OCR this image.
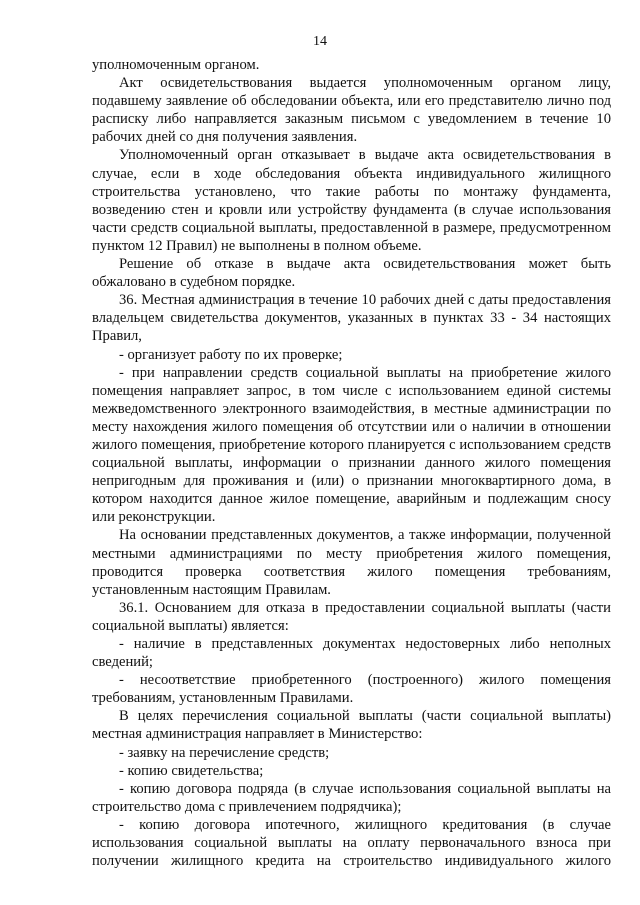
14

уполномоченным органом.

Акт освидетельствования выдается уполномоченным органом лицу, подавшему заявление об обследовании объекта, или его представителю лично под расписку либо направляется заказным письмом с уведомлением в течение 10 рабочих дней со дня получения заявления.

Уполномоченный орган отказывает в выдаче акта освидетельствования в случае, если в ходе обследования объекта индивидуального жилищного строительства установлено, что такие работы по монтажу фундамента, возведению стен и кровли или устройству фундамента (в случае использования части средств социальной выплаты, предоставленной в размере, предусмотренном пунктом 12 Правил) не выполнены в полном объеме.

Решение об отказе в выдаче акта освидетельствования может быть обжаловано в судебном порядке.

36. Местная администрация в течение 10 рабочих дней с даты предоставления владельцем свидетельства документов, указанных в пунктах 33 - 34 настоящих Правил,

- организует работу по их проверке;

- при направлении средств социальной выплаты на приобретение жилого помещения направляет запрос, в том числе с использованием единой системы межведомственного электронного взаимодействия, в местные администрации по месту нахождения жилого помещения об отсутствии или о наличии в отношении жилого помещения, приобретение которого планируется с использованием средств социальной выплаты, информации о признании данного жилого помещения непригодным для проживания и (или) о признании многоквартирного дома, в котором находится данное жилое помещение, аварийным и подлежащим сносу или реконструкции.

На основании представленных документов, а также информации, полученной местными администрациями по месту приобретения жилого помещения, проводится проверка соответствия жилого помещения требованиям, установленным настоящим Правилам.

36.1. Основанием для отказа в предоставлении социальной выплаты (части социальной выплаты) является:

- наличие в представленных документах недостоверных либо неполных сведений;

- несоответствие приобретенного (построенного) жилого помещения требованиям, установленным Правилами.

В целях перечисления социальной выплаты (части социальной выплаты) местная администрация направляет в Министерство:

- заявку на перечисление средств;

- копию свидетельства;

- копию договора подряда (в случае использования социальной выплаты на строительство дома с привлечением подрядчика);

- копию договора ипотечного, жилищного кредитования (в случае использования социальной выплаты на оплату первоначального взноса при получении жилищного кредита на строительство индивидуального жилого
